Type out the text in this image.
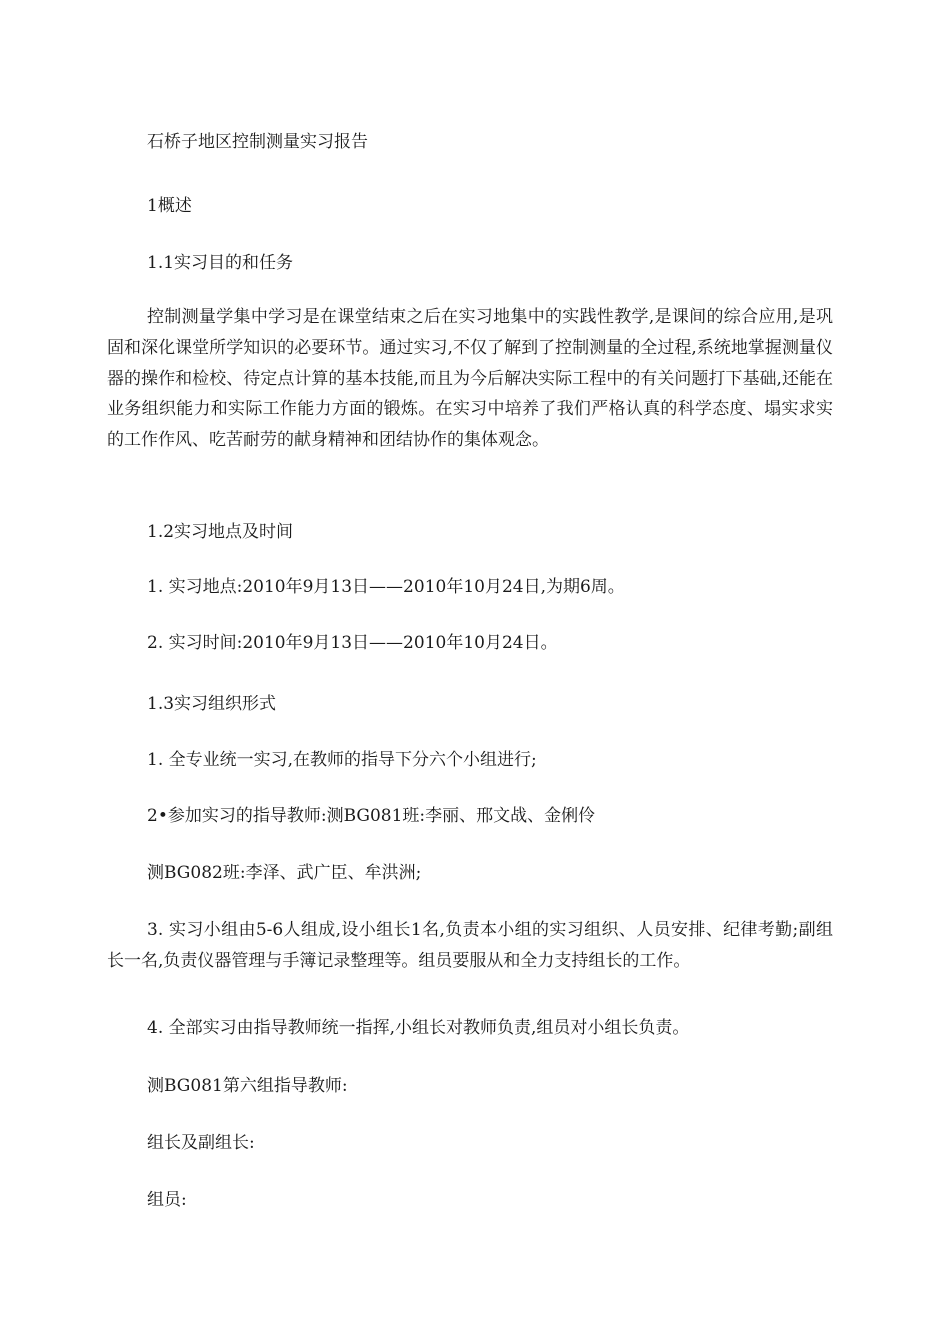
石桥子地区控制测量实习报告

1概述

1.1实习目的和任务

控制测量学集中学习是在课堂结束之后在实习地集中的实践性教学,是课间的综合应用,是巩固和深化课堂所学知识的必要环节。通过实习,不仅了解到了控制测量的全过程,系统地掌握测量仪器的操作和检校、待定点计算的基本技能,而且为今后解决实际工程中的有关问题打下基础,还能在业务组织能力和实际工作能力方面的锻炼。在实习中培养了我们严格认真的科学态度、塌实求实的工作作风、吃苦耐劳的献身精神和团结协作的集体观念。

1.2实习地点及时间

1. 实习地点:2010年9月13日——2010年10月24日,为期6周。

2. 实习时间:2010年9月13日——2010年10月24日。

1.3实习组织形式

1. 全专业统一实习,在教师的指导下分六个小组进行;

2•参加实习的指导教师:测BG081班:李丽、邢文战、金俐伶

测BG082班:李泽、武广臣、牟洪洲;

3. 实习小组由5-6人组成,设小组长1名,负责本小组的实习组织、人员安排、纪律考勤;副组长一名,负责仪器管理与手簿记录整理等。组员要服从和全力支持组长的工作。

4. 全部实习由指导教师统一指挥,小组长对教师负责,组员对小组长负责。

测BG081第六组指导教师:

组长及副组长:

组员:
